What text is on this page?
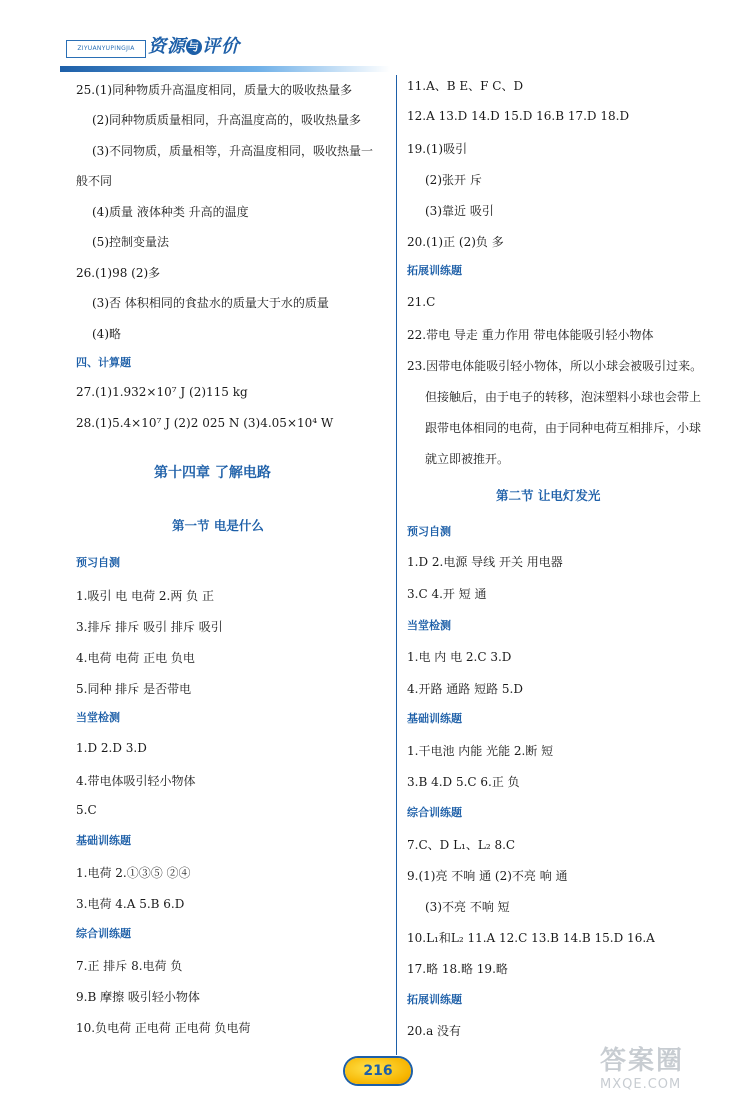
ZIYUANYUPINGJIA 资源 与 评价
25.(1)同种物质升高温度相同，质量大的吸收热量多
(2)同种物质质量相同，升高温度高的，吸收热量多
(3)不同物质，质量相等，升高温度相同，吸收热量一
般不同
(4)质量 液体种类 升高的温度
(5)控制变量法
26.(1)98 (2)多
(3)否 体积相同的食盐水的质量大于水的质量
(4)略
四、计算题
27.(1)1.932×10⁷ J (2)115 kg
28.(1)5.4×10⁷ J (2)2 025 N (3)4.05×10⁴ W
第十四章 了解电路
第一节 电是什么
预习自测
1.吸引 电 电荷 2.两 负 正
3.排斥 排斥 吸引 排斥 吸引
4.电荷 电荷 正电 负电
5.同种 排斥 是否带电
当堂检测
1.D 2.D 3.D
4.带电体吸引轻小物体
5.C
基础训练题
1.电荷 2.①③⑤ ②④
3.电荷 4.A 5.B 6.D
综合训练题
7.正 排斥 8.电荷 负
9.B 摩擦 吸引轻小物体
10.负电荷 正电荷 正电荷 负电荷
11.A、B E、F C、D
12.A 13.D 14.D 15.D 16.B 17.D 18.D
19.(1)吸引
(2)张开 斥
(3)靠近 吸引
20.(1)正 (2)负 多
拓展训练题
21.C
22.带电 导走 重力作用 带电体能吸引轻小物体
23.因带电体能吸引轻小物体，所以小球会被吸引过来。
但接触后，由于电子的转移，泡沫塑料小球也会带上
跟带电体相同的电荷，由于同种电荷互相排斥，小球
就立即被推开。
第二节 让电灯发光
预习自测
1.D 2.电源 导线 开关 用电器
3.C 4.开 短 通
当堂检测
1.电 内 电 2.C 3.D
4.开路 通路 短路 5.D
基础训练题
1.干电池 内能 光能 2.断 短
3.B 4.D 5.C 6.正 负
综合训练题
7.C、D L₁、L₂ 8.C
9.(1)亮 不响 通 (2)不亮 响 通
(3)不亮 不响 短
10.L₁和L₂ 11.A 12.C 13.B 14.B 15.D 16.A
17.略 18.略 19.略
拓展训练题
20.a 没有
216	答案圈
MXQE.COM
